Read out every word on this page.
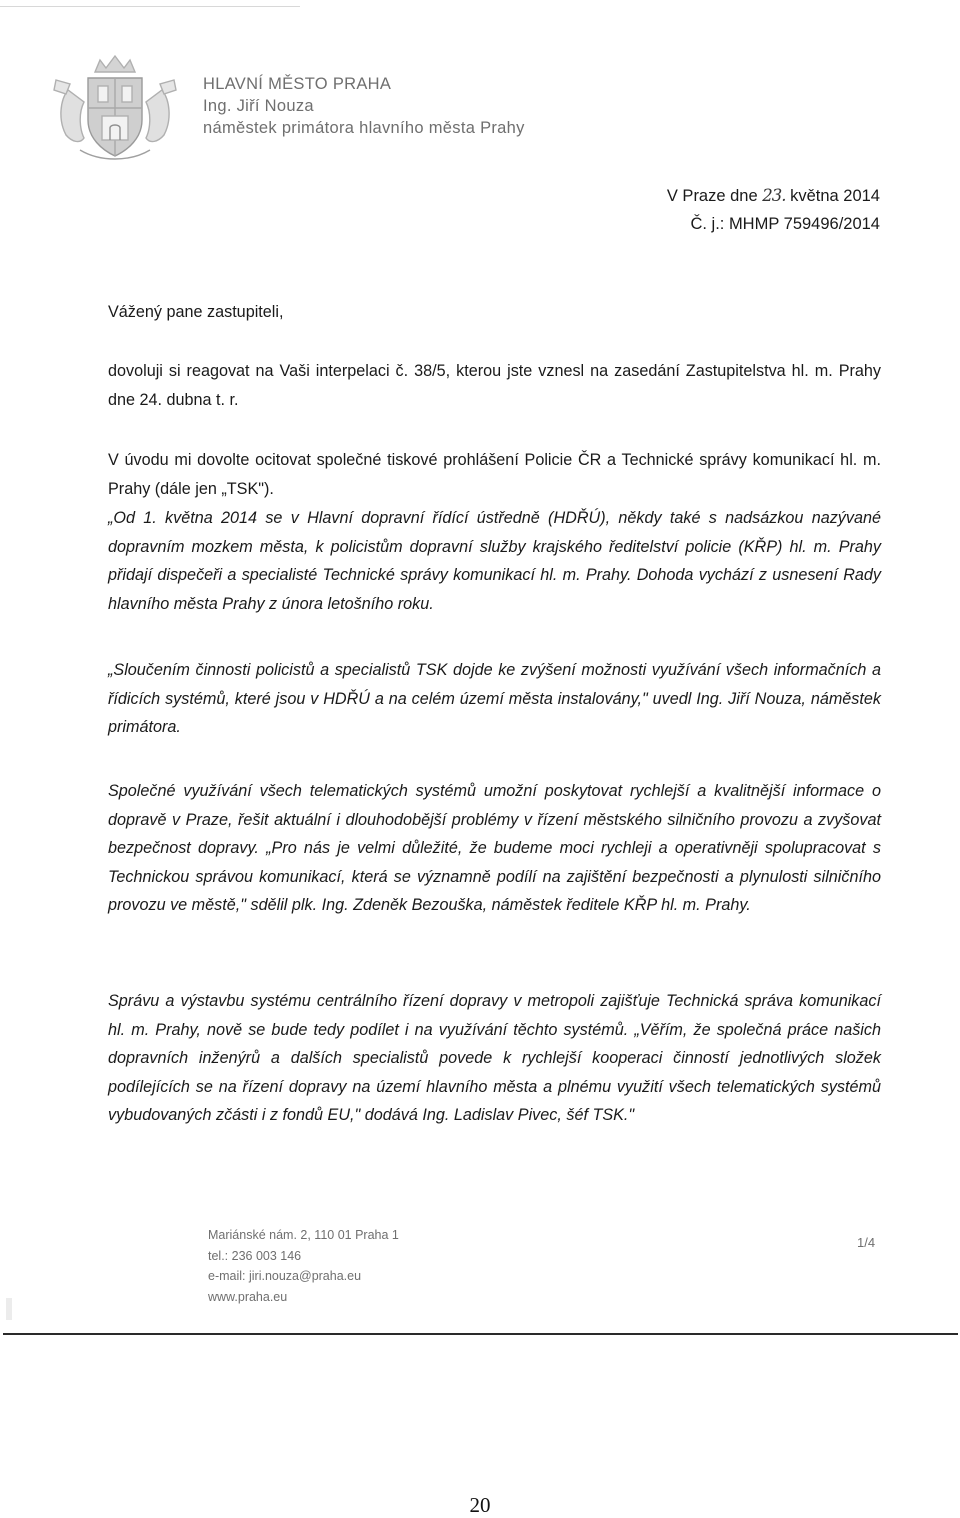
HLAVNÍ MĚSTO PRAHA
Ing. Jiří Nouza
náměstek primátora hlavního města Prahy
V Praze dne 23. května 2014
Č. j.: MHMP 759496/2014

Vážený pane zastupiteli,

dovoluji si reagovat na Vaši interpelaci č. 38/5, kterou jste vznesl na zasedání Zastupitelstva hl. m. Prahy dne 24. dubna t. r.

V úvodu mi dovolte ocitovat společné tiskové prohlášení Policie ČR a Technické správy komunikací hl. m. Prahy (dále jen „TSK").

„Od 1. května 2014 se v Hlavní dopravní řídící ústředně (HDŘÚ), někdy také s nadsázkou nazývané dopravním mozkem města, k policistům dopravní služby krajského ředitelství policie (KŘP) hl. m. Prahy přidají dispečeři a specialisté Technické správy komunikací hl. m. Prahy. Dohoda vychází z usnesení Rady hlavního města Prahy z února letošního roku.

„Sloučením činnosti policistů a specialistů TSK dojde ke zvýšení možnosti využívání všech informačních a řídicích systémů, které jsou v HDŘÚ a na celém území města instalovány," uvedl Ing. Jiří Nouza, náměstek primátora.

Společné využívání všech telematických systémů umožní poskytovat rychlejší a kvalitnější informace o dopravě v Praze, řešit aktuální i dlouhodobější problémy v řízení městského silničního provozu a zvyšovat bezpečnost dopravy. „Pro nás je velmi důležité, že budeme moci rychleji a operativněji spolupracovat s Technickou správou komunikací, která se významně podílí na zajištění bezpečnosti a plynulosti silničního provozu ve městě," sdělil plk. Ing. Zdeněk Bezouška, náměstek ředitele KŘP hl. m. Prahy.

Správu a výstavbu systému centrálního řízení dopravy v metropoli zajišťuje Technická správa komunikací hl. m. Prahy, nově se bude tedy podílet i na využívání těchto systémů. „Věřím, že společná práce našich dopravních inženýrů a dalších specialistů povede k rychlejší kooperaci činností jednotlivých složek podílejících se na řízení dopravy na území hlavního města a plnému využití všech telematických systémů vybudovaných zčásti i z fondů EU," dodává Ing. Ladislav Pivec, šéf TSK."

Mariánské nám. 2, 110 01 Praha 1
tel.: 236 003 146
e-mail: jiri.nouza@praha.eu
www.praha.eu
1/4
20
